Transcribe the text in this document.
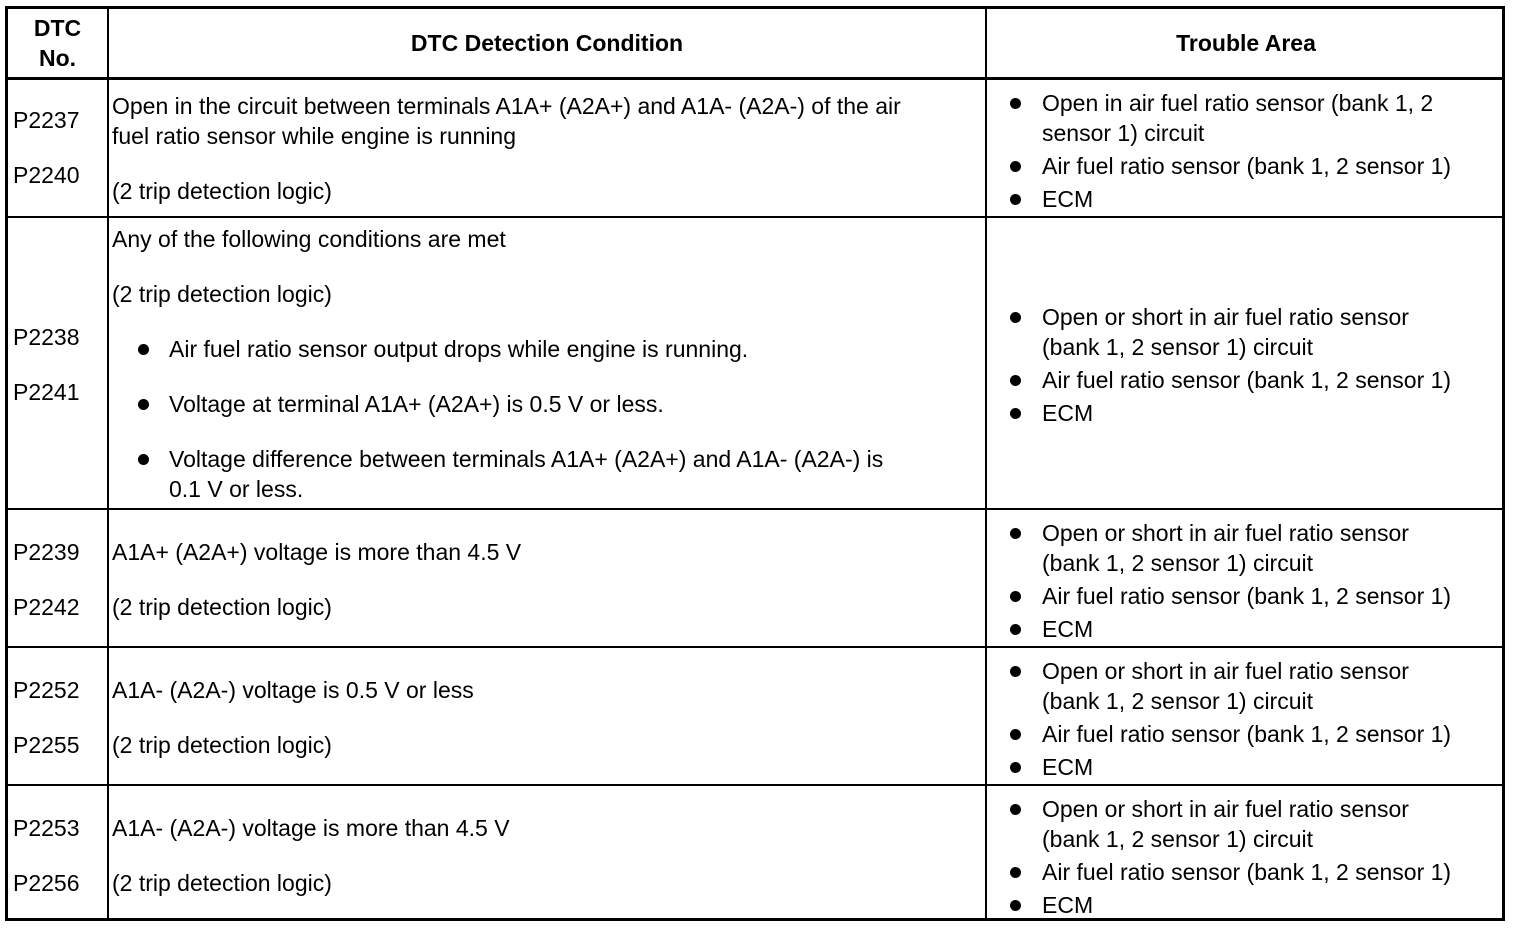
DTC
No.
DTC Detection Condition	Trouble Area
P2237
P2240
Open in the circuit between terminals A1A+ (A2A+) and A1A- (A2A-) of the air
fuel ratio sensor while engine is running
(2 trip detection logic)
Open in air fuel ratio sensor (bank 1, 2
sensor 1) circuit
Air fuel ratio sensor (bank 1, 2 sensor 1)
ECM
P2238
P2241
Any of the following conditions are met
(2 trip detection logic)
Air fuel ratio sensor output drops while engine is running.
Voltage at terminal A1A+ (A2A+) is 0.5 V or less.
Voltage difference between terminals A1A+ (A2A+) and A1A- (A2A-) is
0.1 V or less.
Open or short in air fuel ratio sensor
(bank 1, 2 sensor 1) circuit
Air fuel ratio sensor (bank 1, 2 sensor 1)
ECM
P2239
P2242
A1A+ (A2A+) voltage is more than 4.5 V
(2 trip detection logic)
Open or short in air fuel ratio sensor
(bank 1, 2 sensor 1) circuit
Air fuel ratio sensor (bank 1, 2 sensor 1)
ECM
P2252
P2255
A1A- (A2A-) voltage is 0.5 V or less
(2 trip detection logic)
Open or short in air fuel ratio sensor
(bank 1, 2 sensor 1) circuit
Air fuel ratio sensor (bank 1, 2 sensor 1)
ECM
P2253
P2256
A1A- (A2A-) voltage is more than 4.5 V
(2 trip detection logic)
Open or short in air fuel ratio sensor
(bank 1, 2 sensor 1) circuit
Air fuel ratio sensor (bank 1, 2 sensor 1)
ECM
